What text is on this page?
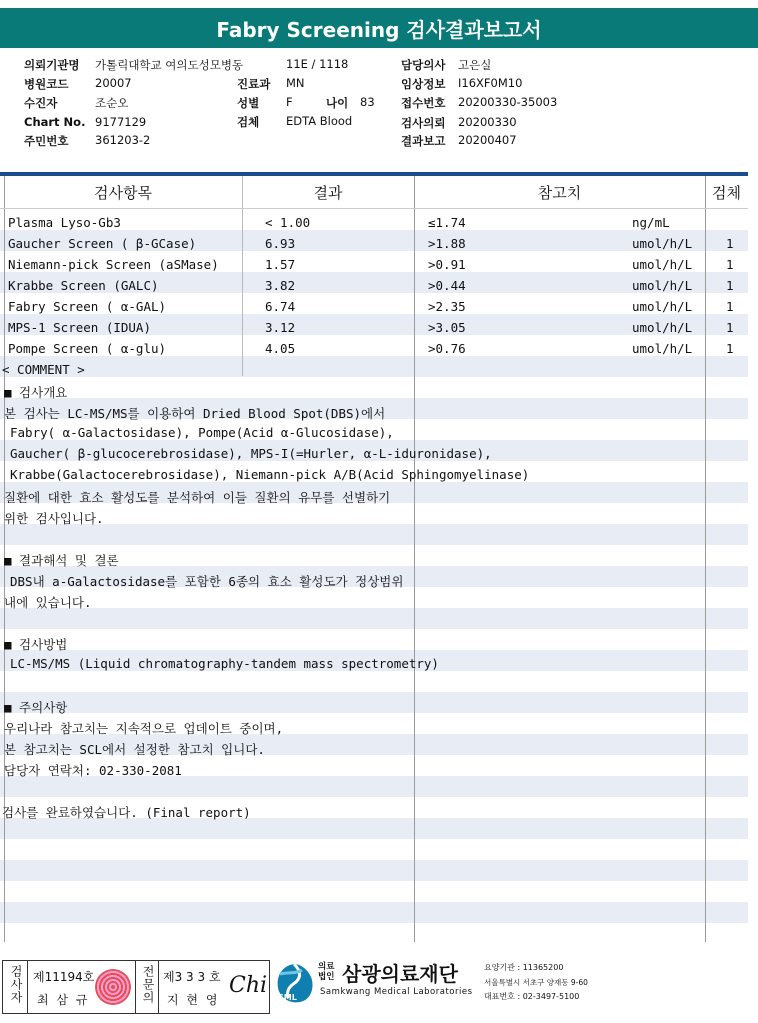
Fabry Screening 검사결과보고서
의뢰기관명 가톨릭대학교 여의도성모병동	11E / 1118	담당의사 고은실
병원코드 20007	진료과 MN	임상정보 I16XF0M10
수진자	조순오	성별 F	나이 83 접수번호 20200330-35003
Chart No. 9177129	검체 EDTA Blood	검사의뢰 20200330
주민번호 361203-2	결과보고 20200407
검사항목	결과	참고치	검체
Plasma Lyso-Gb3	< 1.00	≤1.74	ng/mL
Gaucher Screen ( β-GCase)	6.93	>1.88	umol/h/L	1
Niemann-pick Screen (aSMase)	1.57	>0.91	umol/h/L	1
Krabbe Screen (GALC)	3.82	>0.44	umol/h/L	1
Fabry Screen ( α-GAL)	6.74	>2.35	umol/h/L	1
MPS-1 Screen (IDUA)	3.12	>3.05	umol/h/L	1
Pompe Screen ( α-glu)	4.05	>0.76	umol/h/L	1
< COMMENT >
■ 검사개요
본 검사는 LC-MS/MS를 이용하여 Dried Blood Spot(DBS)에서
Fabry( α-Galactosidase), Pompe(Acid α-Glucosidase),
Gaucher( β-glucocerebrosidase), MPS-I(=Hurler, α-L-iduronidase),
Krabbe(Galactocerebrosidase), Niemann-pick A/B(Acid Sphingomyelinase)
질환에 대한 효소 활성도를 분석하여 이들 질환의 유무를 선별하기
위한 검사입니다.
■ 결과해석 및 결론
DBS내 a-Galactosidase를 포함한 6종의 효소 활성도가 정상범위
내에 있습니다.
■ 검사방법
LC-MS/MS (Liquid chromatography-tandem mass spectrometry)
■ 주의사항
우리나라 참고치는 지속적으로 업데이트 중이며,
본 참고치는 SCL에서 설정한 참고치 입니다.
담당자 연락처: 02-330-2081
검사를 완료하였습니다. (Final report)
검사자 제11194호
최 삼 규	전문의 제3 3 3 호
지 현 영
Chi SML
의료
법인 삼광의료재단
Samkwang Medical Laboratories
요양기관 : 11365200
서울특별시 서초구 양재동 9-60
대표번호 : 02-3497-5100
